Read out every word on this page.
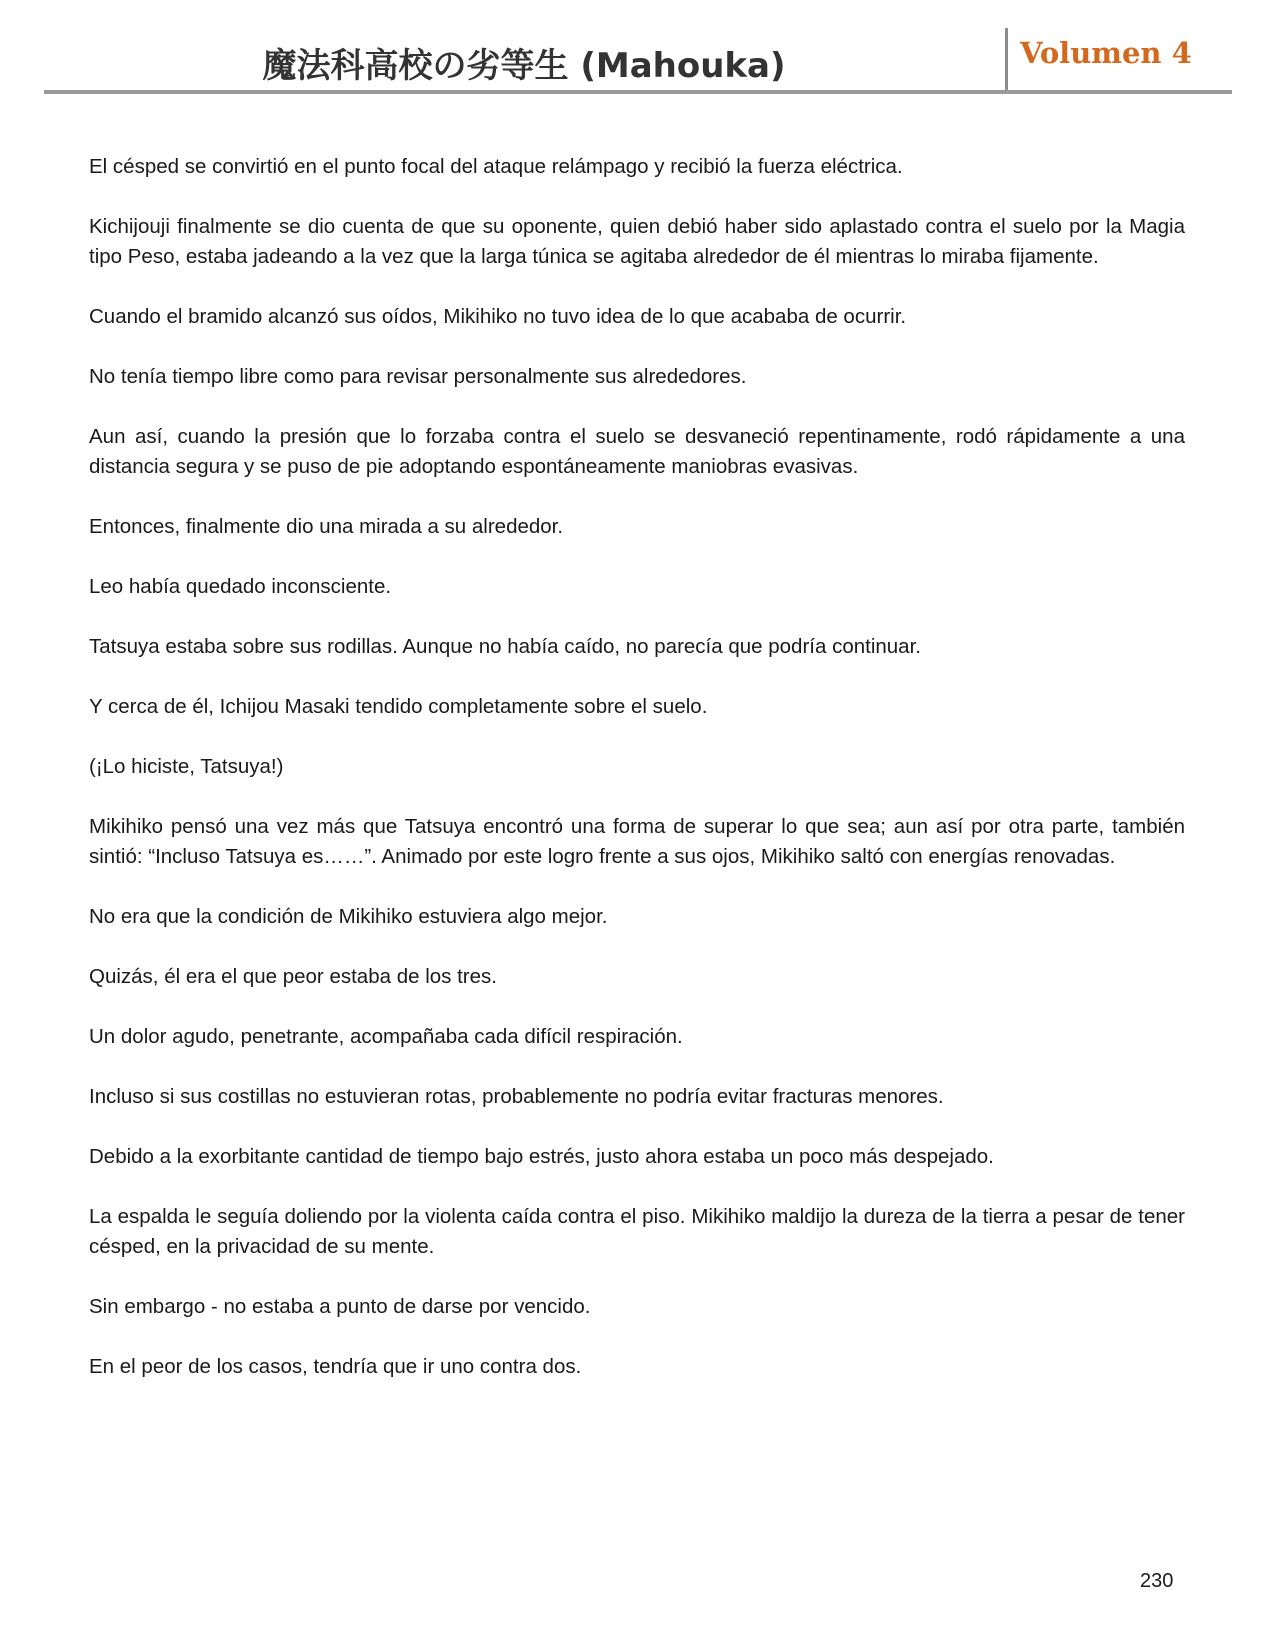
魔法科高校の劣等生 (Mahouka)	Volumen 4

El césped se convirtió en el punto focal del ataque relámpago y recibió la fuerza eléctrica.

Kichijouji finalmente se dio cuenta de que su oponente, quien debió haber sido aplastado contra el suelo por la Magia tipo Peso, estaba jadeando a la vez que la larga túnica se agitaba alrededor de él mientras lo miraba fijamente.

Cuando el bramido alcanzó sus oídos, Mikihiko no tuvo idea de lo que acababa de ocurrir.

No tenía tiempo libre como para revisar personalmente sus alrededores.

Aun así, cuando la presión que lo forzaba contra el suelo se desvaneció repentinamente, rodó rápidamente a una distancia segura y se puso de pie adoptando espontáneamente maniobras evasivas.

Entonces, finalmente dio una mirada a su alrededor.

Leo había quedado inconsciente.

Tatsuya estaba sobre sus rodillas. Aunque no había caído, no parecía que podría continuar.

Y cerca de él, Ichijou Masaki tendido completamente sobre el suelo.

(¡Lo hiciste, Tatsuya!)

Mikihiko pensó una vez más que Tatsuya encontró una forma de superar lo que sea; aun así por otra parte, también sintió: “Incluso Tatsuya es……”. Animado por este logro frente a sus ojos, Mikihiko saltó con energías renovadas.

No era que la condición de Mikihiko estuviera algo mejor.

Quizás, él era el que peor estaba de los tres.

Un dolor agudo, penetrante, acompañaba cada difícil respiración.

Incluso si sus costillas no estuvieran rotas, probablemente no podría evitar fracturas menores.

Debido a la exorbitante cantidad de tiempo bajo estrés, justo ahora estaba un poco más despejado.

La espalda le seguía doliendo por la violenta caída contra el piso. Mikihiko maldijo la dureza de la tierra a pesar de tener césped, en la privacidad de su mente.

Sin embargo - no estaba a punto de darse por vencido.

En el peor de los casos, tendría que ir uno contra dos.

230
